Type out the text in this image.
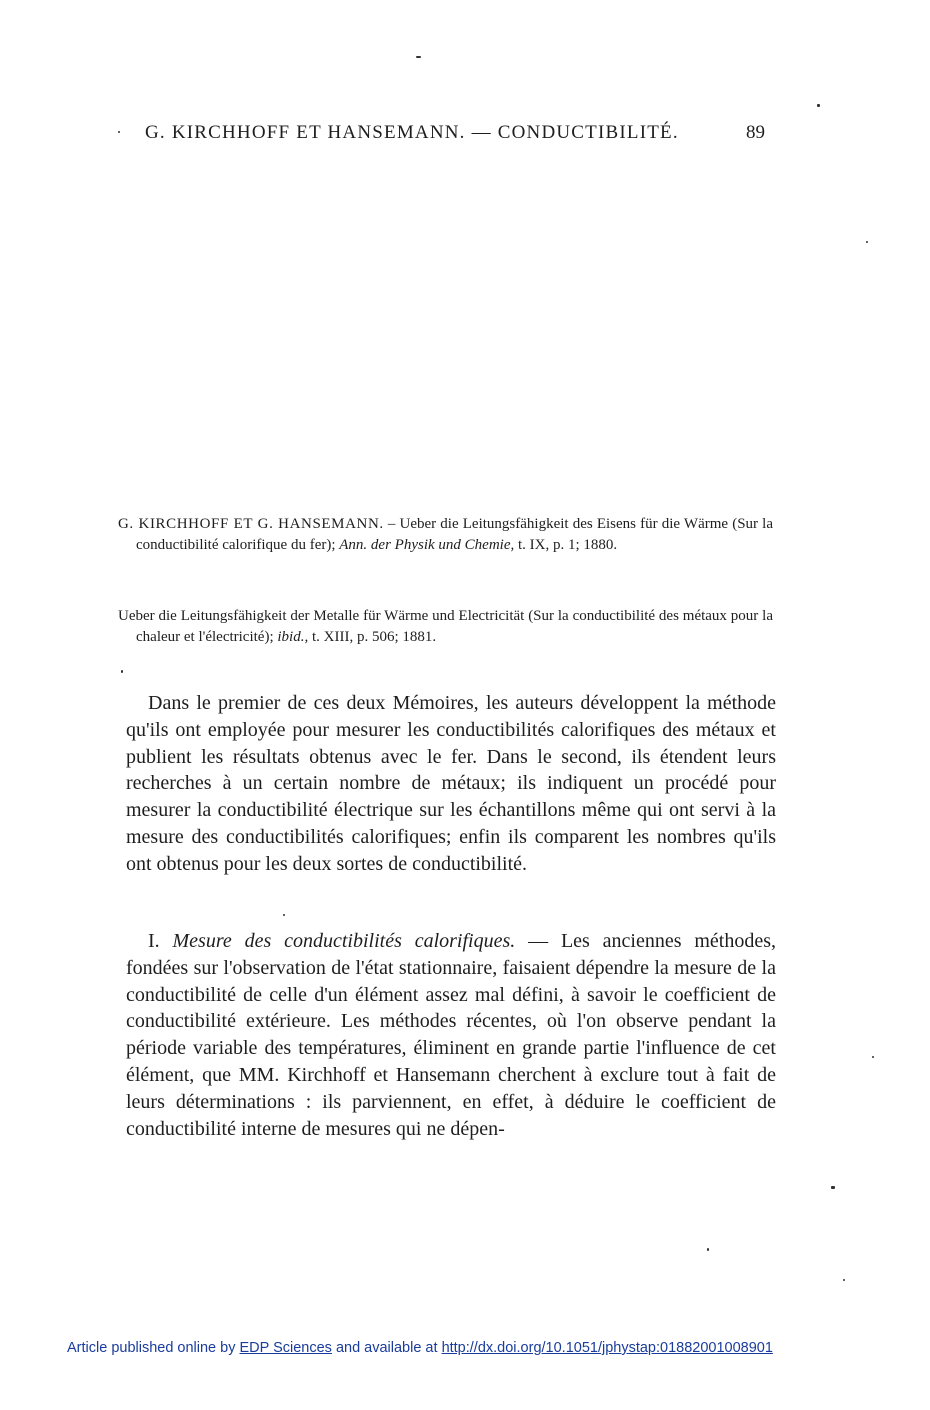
G. KIRCHHOFF ET HANSEMANN. — CONDUCTIBILITÉ.	89

G. KIRCHHOFF ET G. HANSEMANN. – Ueber die Leitungsfähigkeit des Eisens für die Wärme (Sur la conductibilité calorifique du fer); Ann. der Physik und Chemie, t. IX, p. 1; 1880.

Ueber die Leitungsfähigkeit der Metalle für Wärme und Electricität (Sur la conductibilité des métaux pour la chaleur et l'électricité); ibid., t. XIII, p. 506; 1881.

Dans le premier de ces deux Mémoires, les auteurs développent la méthode qu'ils ont employée pour mesurer les conductibilités calorifiques des métaux et publient les résultats obtenus avec le fer. Dans le second, ils étendent leurs recherches à un certain nombre de métaux; ils indiquent un procédé pour mesurer la conductibilité électrique sur les échantillons même qui ont servi à la mesure des conductibilités calorifiques; enfin ils comparent les nombres qu'ils ont obtenus pour les deux sortes de conductibilité.

I. Mesure des conductibilités calorifiques. — Les anciennes méthodes, fondées sur l'observation de l'état stationnaire, faisaient dépendre la mesure de la conductibilité de celle d'un élément assez mal défini, à savoir le coefficient de conductibilité extérieure. Les méthodes récentes, où l'on observe pendant la période variable des températures, éliminent en grande partie l'influence de cet élément, que MM. Kirchhoff et Hansemann cherchent à exclure tout à fait de leurs déterminations : ils parviennent, en effet, à déduire le coefficient de conductibilité interne de mesures qui ne dépen-

Article published online by EDP Sciences and available at http://dx.doi.org/10.1051/jphystap:01882001008901
